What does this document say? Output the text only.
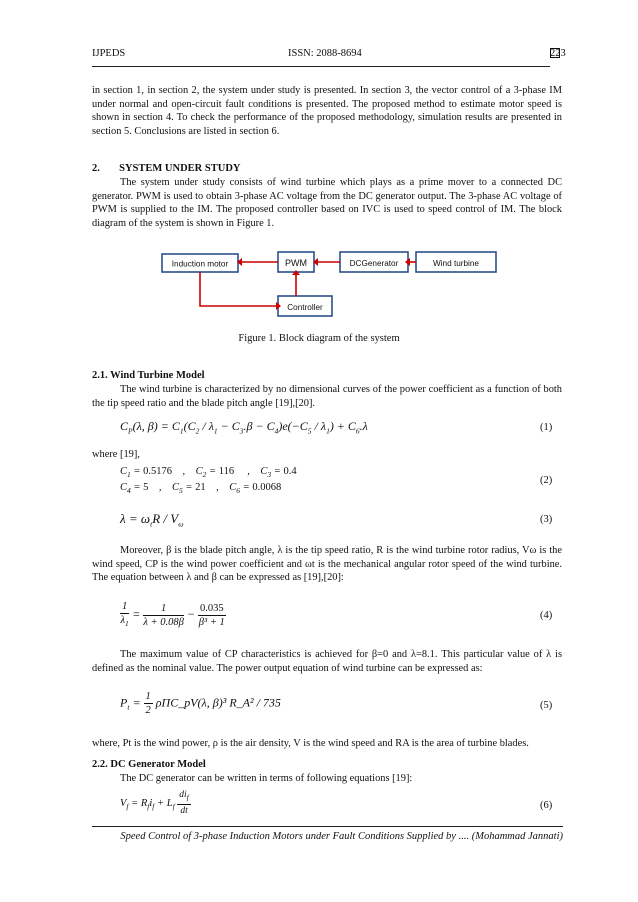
IJPEDS	ISSN: 2088-8694	223
in section 1, in section 2, the system under study is presented. In section 3, the vector control of a 3-phase IM under normal and open-circuit fault conditions is presented. The proposed method to estimate motor speed is shown in section 4. To check the performance of the proposed methodology, simulation results are presented in section 5. Conclusions are listed in section 6.
2. SYSTEM UNDER STUDY
The system under study consists of wind turbine which plays as a prime mover to a connected DC generator. PWM is used to obtain 3-phase AC voltage from the DC generator output. The 3-phase AC voltage of PWM is supplied to the IM. The proposed controller based on IVC is used to speed control of IM. The block diagram of the system is shown in Figure 1.
Induction motor	PWM	DCGenerator	Wind turbine
Controller
Figure 1. Block diagram of the system
2.1. Wind Turbine Model
The wind turbine is characterized by no dimensional curves of the power coefficient as a function of both the tip speed ratio and the blade pitch angle [19],[20].
$C_P(\lambda$, $\beta) = C_1(C_2 / \lambda_1 - C_3.\beta - C_4)e(-C_5 / \lambda_1) + C_6.\lambda$	(1)
where [19],
$C_1 = 0.5176$    ,    $C_2 = 116$     ,    $C_3 = 0.4$
$C_4 = 5$    ,    $C_5 = 21$    ,    $C_6 = 0.0068$
(2)
$\lambda = \omega_tR / V_\omega$	(3)
Moreover, β is the blade pitch angle, λ is the tip speed ratio, R is the wind turbine rotor radius, Vω is the wind speed, CP is the wind power coefficient and ωt is the mechanical angular rotor speed of the wind turbine. The equation between λ and β can be expressed as [19],[20]:
$\frac{1}{\lambda_1} = \frac{1}{\lambda + 0.08\beta} - \frac{0.035}{\text{β³ + 1}}$	(4)
The maximum value of CP characteristics is achieved for β=0 and λ=8.1. This particular value of λ is defined as the nominal value. The power output equation of wind turbine can be expressed as:
$P_t = \frac{1}{2}$ ρΠC_pV(λ, β)³ R_A² / 735	(5)
where, Pt is the wind power, ρ is the air density, V is the wind speed and RA is the area of turbine blades.
2.2. DC Generator Model
The DC generator can be written in terms of following equations [19]:
$V_f = R_fi_f + L_f \frac{di_f}{dt}$	(6)
Speed Control of 3-phase Induction Motors under Fault Conditions Supplied by .... (Mohammad Jannati)
